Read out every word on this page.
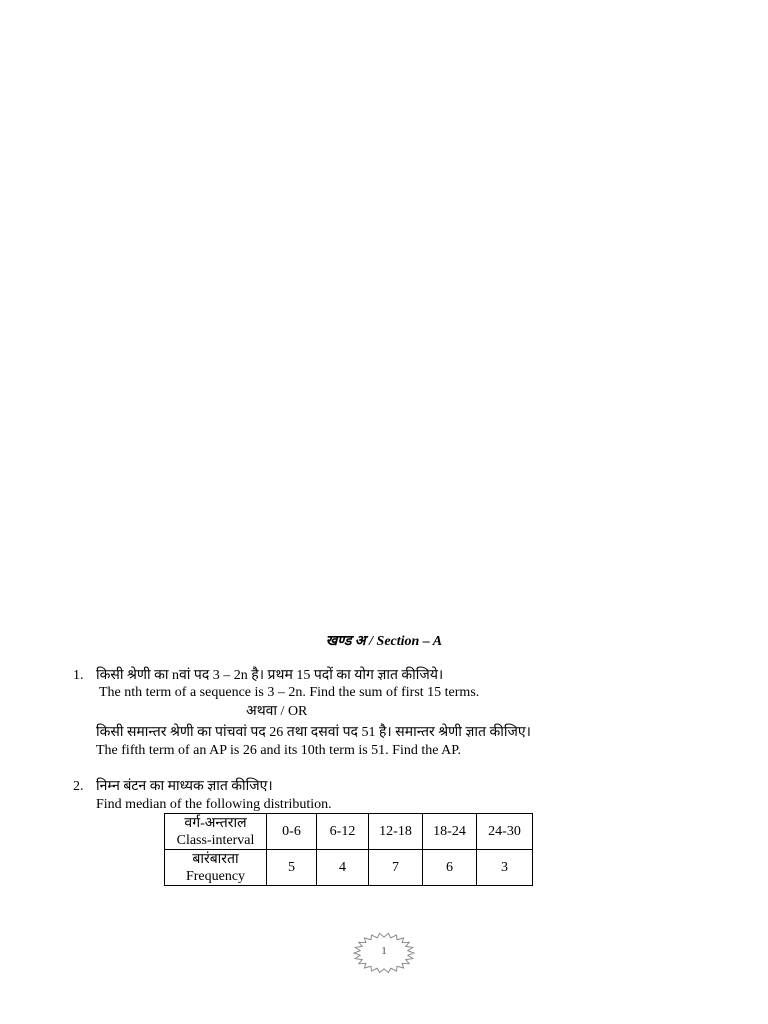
खण्ड अ / Section – A
1. किसी श्रेणी का nवां पद 3 – 2n है। प्रथम 15 पदों का योग ज्ञात कीजिये।
The nth term of a sequence is 3 – 2n. Find the sum of first 15 terms.
अथवा / OR
किसी समान्तर श्रेणी का पांचवां पद 26 तथा दसवां पद 51 है। समान्तर श्रेणी ज्ञात कीजिए।
The fifth term of an AP is 26 and its 10th term is 51. Find the AP.
2. निम्न बंटन का माध्यक ज्ञात कीजिए।
Find median of the following distribution.
वर्ग-अन्तराल
Class-interval	0-6	6-12	12-18	18-24	24-30

बारंबारता
Frequency	5	4	7	6	3
1
